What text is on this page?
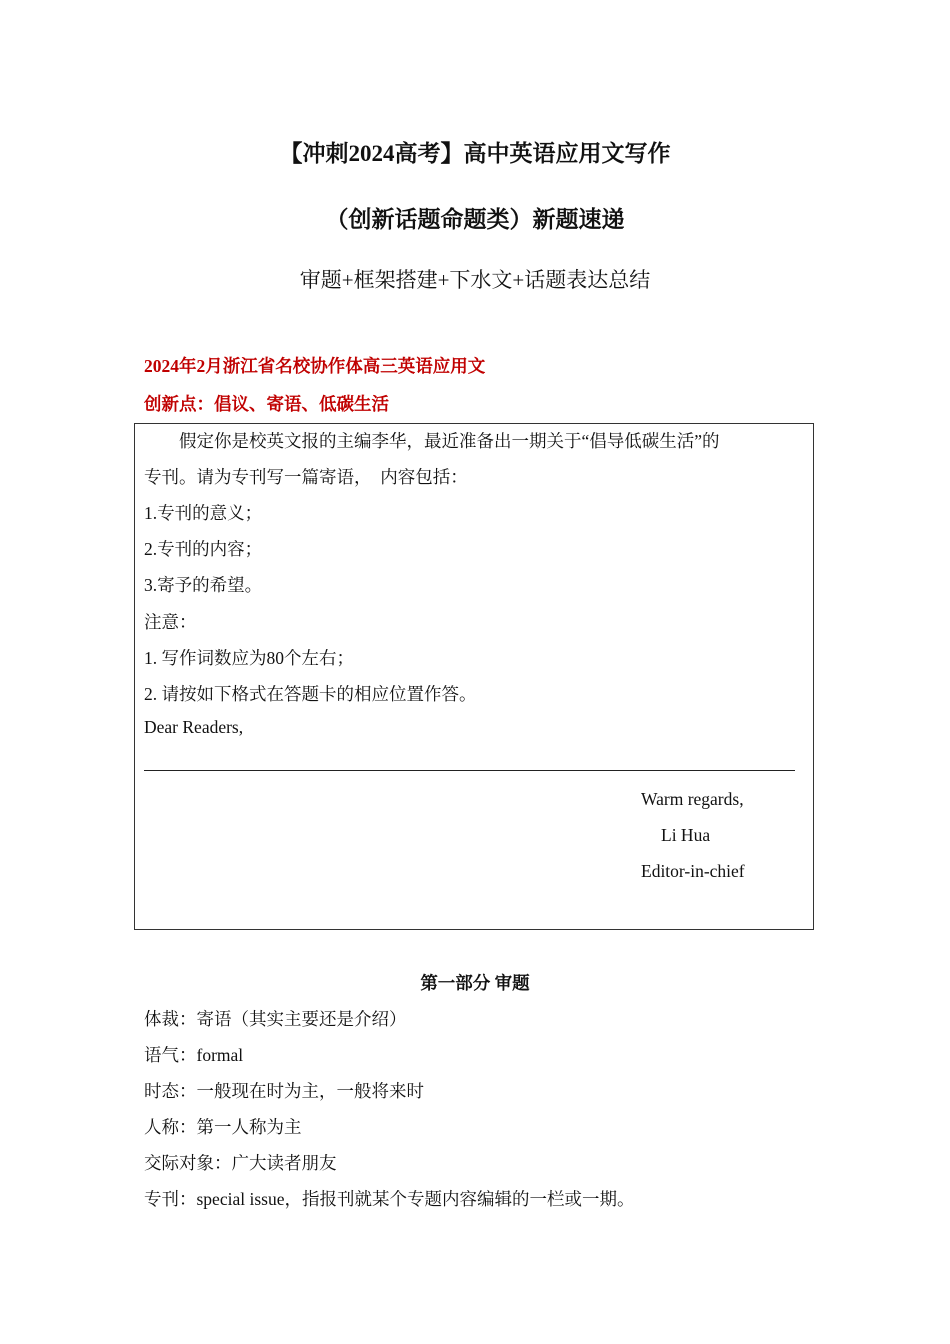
【冲刺2024高考】高中英语应用文写作
（创新话题命题类）新题速递
审题+框架搭建+下水文+话题表达总结
2024年2月浙江省名校协作体高三英语应用文
创新点：倡议、寄语、低碳生活
　　假定你是校英文报的主编李华，最近准备出一期关于“倡导低碳生活”的
专刊。请为专刊写一篇寄语，　内容包括：
1.专刊的意义；
2.专刊的内容；
3.寄予的希望。
注意：
1. 写作词数应为80个左右；
2. 请按如下格式在答题卡的相应位置作答。
Dear Readers,
Warm regards,
Li Hua
Editor-in-chief
第一部分 审题
体裁：寄语（其实主要还是介绍）
语气：formal
时态：一般现在时为主，一般将来时
人称：第一人称为主
交际对象：广大读者朋友
专刊：special issue，指报刊就某个专题内容编辑的一栏或一期。
